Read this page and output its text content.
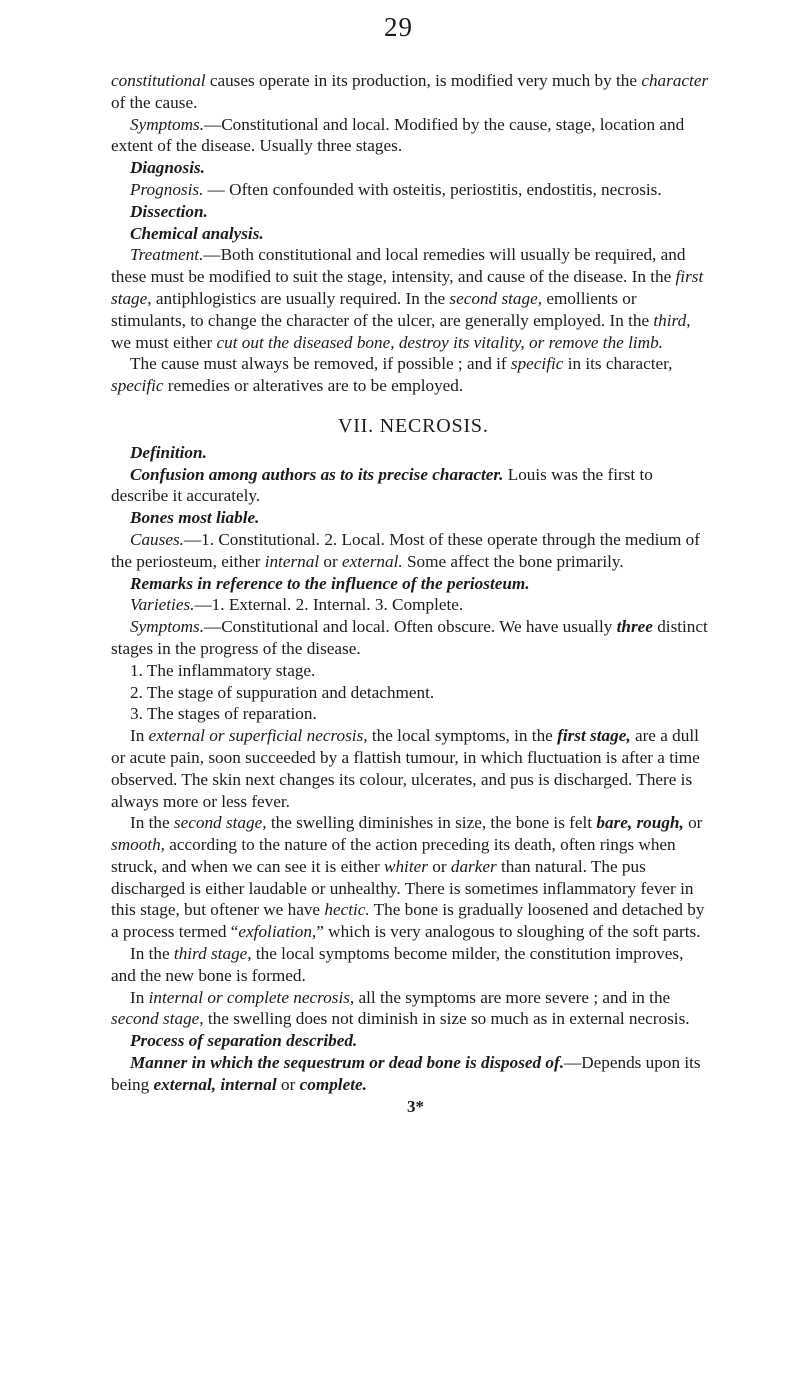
29

constitutional causes operate in its production, is modified very much by the character of the cause.

Symptoms.—Constitutional and local. Modified by the cause, stage, location and extent of the disease. Usually three stages.

Diagnosis.

Prognosis. — Often confounded with osteitis, periostitis, endostitis, necrosis.

Dissection.

Chemical analysis.

Treatment.—Both constitutional and local remedies will usually be required, and these must be modified to suit the stage, intensity, and cause of the disease. In the first stage, antiphlogistics are usually required. In the second stage, emollients or stimulants, to change the character of the ulcer, are generally employed. In the third, we must either cut out the diseased bone, destroy its vitality, or remove the limb.

The cause must always be removed, if possible ; and if specific in its character, specific remedies or alteratives are to be employed.

VII. NECROSIS.

Definition.

Confusion among authors as to its precise character. Louis was the first to describe it accurately.

Bones most liable.

Causes.—1. Constitutional. 2. Local. Most of these operate through the medium of the periosteum, either internal or external. Some affect the bone primarily.

Remarks in reference to the influence of the periosteum.

Varieties.—1. External. 2. Internal. 3. Complete.

Symptoms.—Constitutional and local. Often obscure. We have usually three distinct stages in the progress of the disease.

1. The inflammatory stage.

2. The stage of suppuration and detachment.

3. The stages of reparation.

In external or superficial necrosis, the local symptoms, in the first stage, are a dull or acute pain, soon succeeded by a flattish tumour, in which fluctuation is after a time observed. The skin next changes its colour, ulcerates, and pus is discharged. There is always more or less fever.

In the second stage, the swelling diminishes in size, the bone is felt bare, rough, or smooth, according to the nature of the action preceding its death, often rings when struck, and when we can see it is either whiter or darker than natural. The pus discharged is either laudable or unhealthy. There is sometimes inflammatory fever in this stage, but oftener we have hectic. The bone is gradually loosened and detached by a process termed “exfoliation,” which is very analogous to sloughing of the soft parts.

In the third stage, the local symptoms become milder, the constitution improves, and the new bone is formed.

In internal or complete necrosis, all the symptoms are more severe ; and in the second stage, the swelling does not diminish in size so much as in external necrosis.

Process of separation described.

Manner in which the sequestrum or dead bone is disposed of.—Depends upon its being external, internal or complete.

3*
